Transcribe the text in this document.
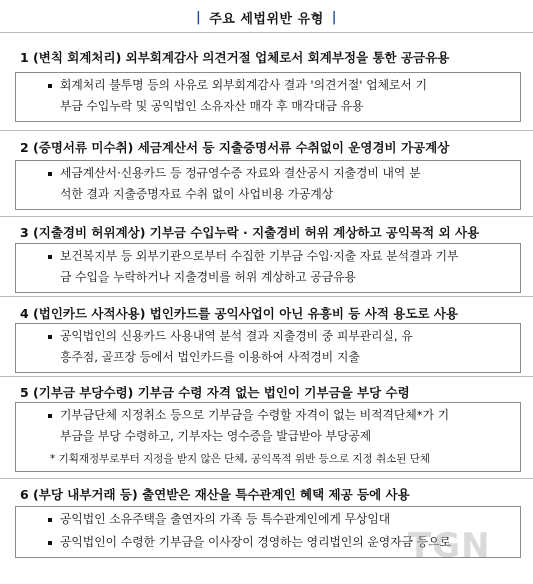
| 주요 세법위반 유형 |
1 (변칙 회계처리) 외부회계감사 의견거절 업체로서 회계부정을 통한 공금유용
회계처리 불투명 등의 사유로 외부회계감사 결과 '의견거절' 업체로서 기
부금 수입누락 및 공익법인 소유자산 매각 후 매각대금 유용
2 (증명서류 미수취) 세금계산서 등 지출증명서류 수취없이 운영경비 가공계상
세금계산서·신용카드 등 정규영수증 자료와 결산공시 지출경비 내역 분
석한 결과 지출증명자료 수취 없이 사업비용 가공계상
3 (지출경비 허위계상) 기부금 수입누락 · 지출경비 허위 계상하고 공익목적 외 사용
보건복지부 등 외부기관으로부터 수집한 기부금 수입·지출 자료 분석결과 기부
금 수입을 누락하거나 지출경비를 허위 계상하고 공금유용
4 (법인카드 사적사용) 법인카드를 공익사업이 아닌 유흥비 등 사적 용도로 사용
공익법인의 신용카드 사용내역 분석 결과 지출경비 중 피부관리실, 유
흥주점, 골프장 등에서 법인카드를 이용하여 사적경비 지출
5 (기부금 부당수령) 기부금 수령 자격 없는 법인이 기부금을 부당 수령
기부금단체 지정취소 등으로 기부금을 수령할 자격이 없는 비적격단체*가 기
부금을 부당 수령하고, 기부자는 영수증을 발급받아 부당공제
* 기획재정부로부터 지정을 받지 않은 단체, 공익목적 위반 등으로 지정 취소된 단체
6 (부당 내부거래 등) 출연받은 재산을 특수관계인 혜택 제공 등에 사용
공익법인 소유주택을 출연자의 가족 등 특수관계인에게 무상임대
공익법인이 수령한 기부금을 이사장이 경영하는 영리법인의 운영자금 등으로
TGN
